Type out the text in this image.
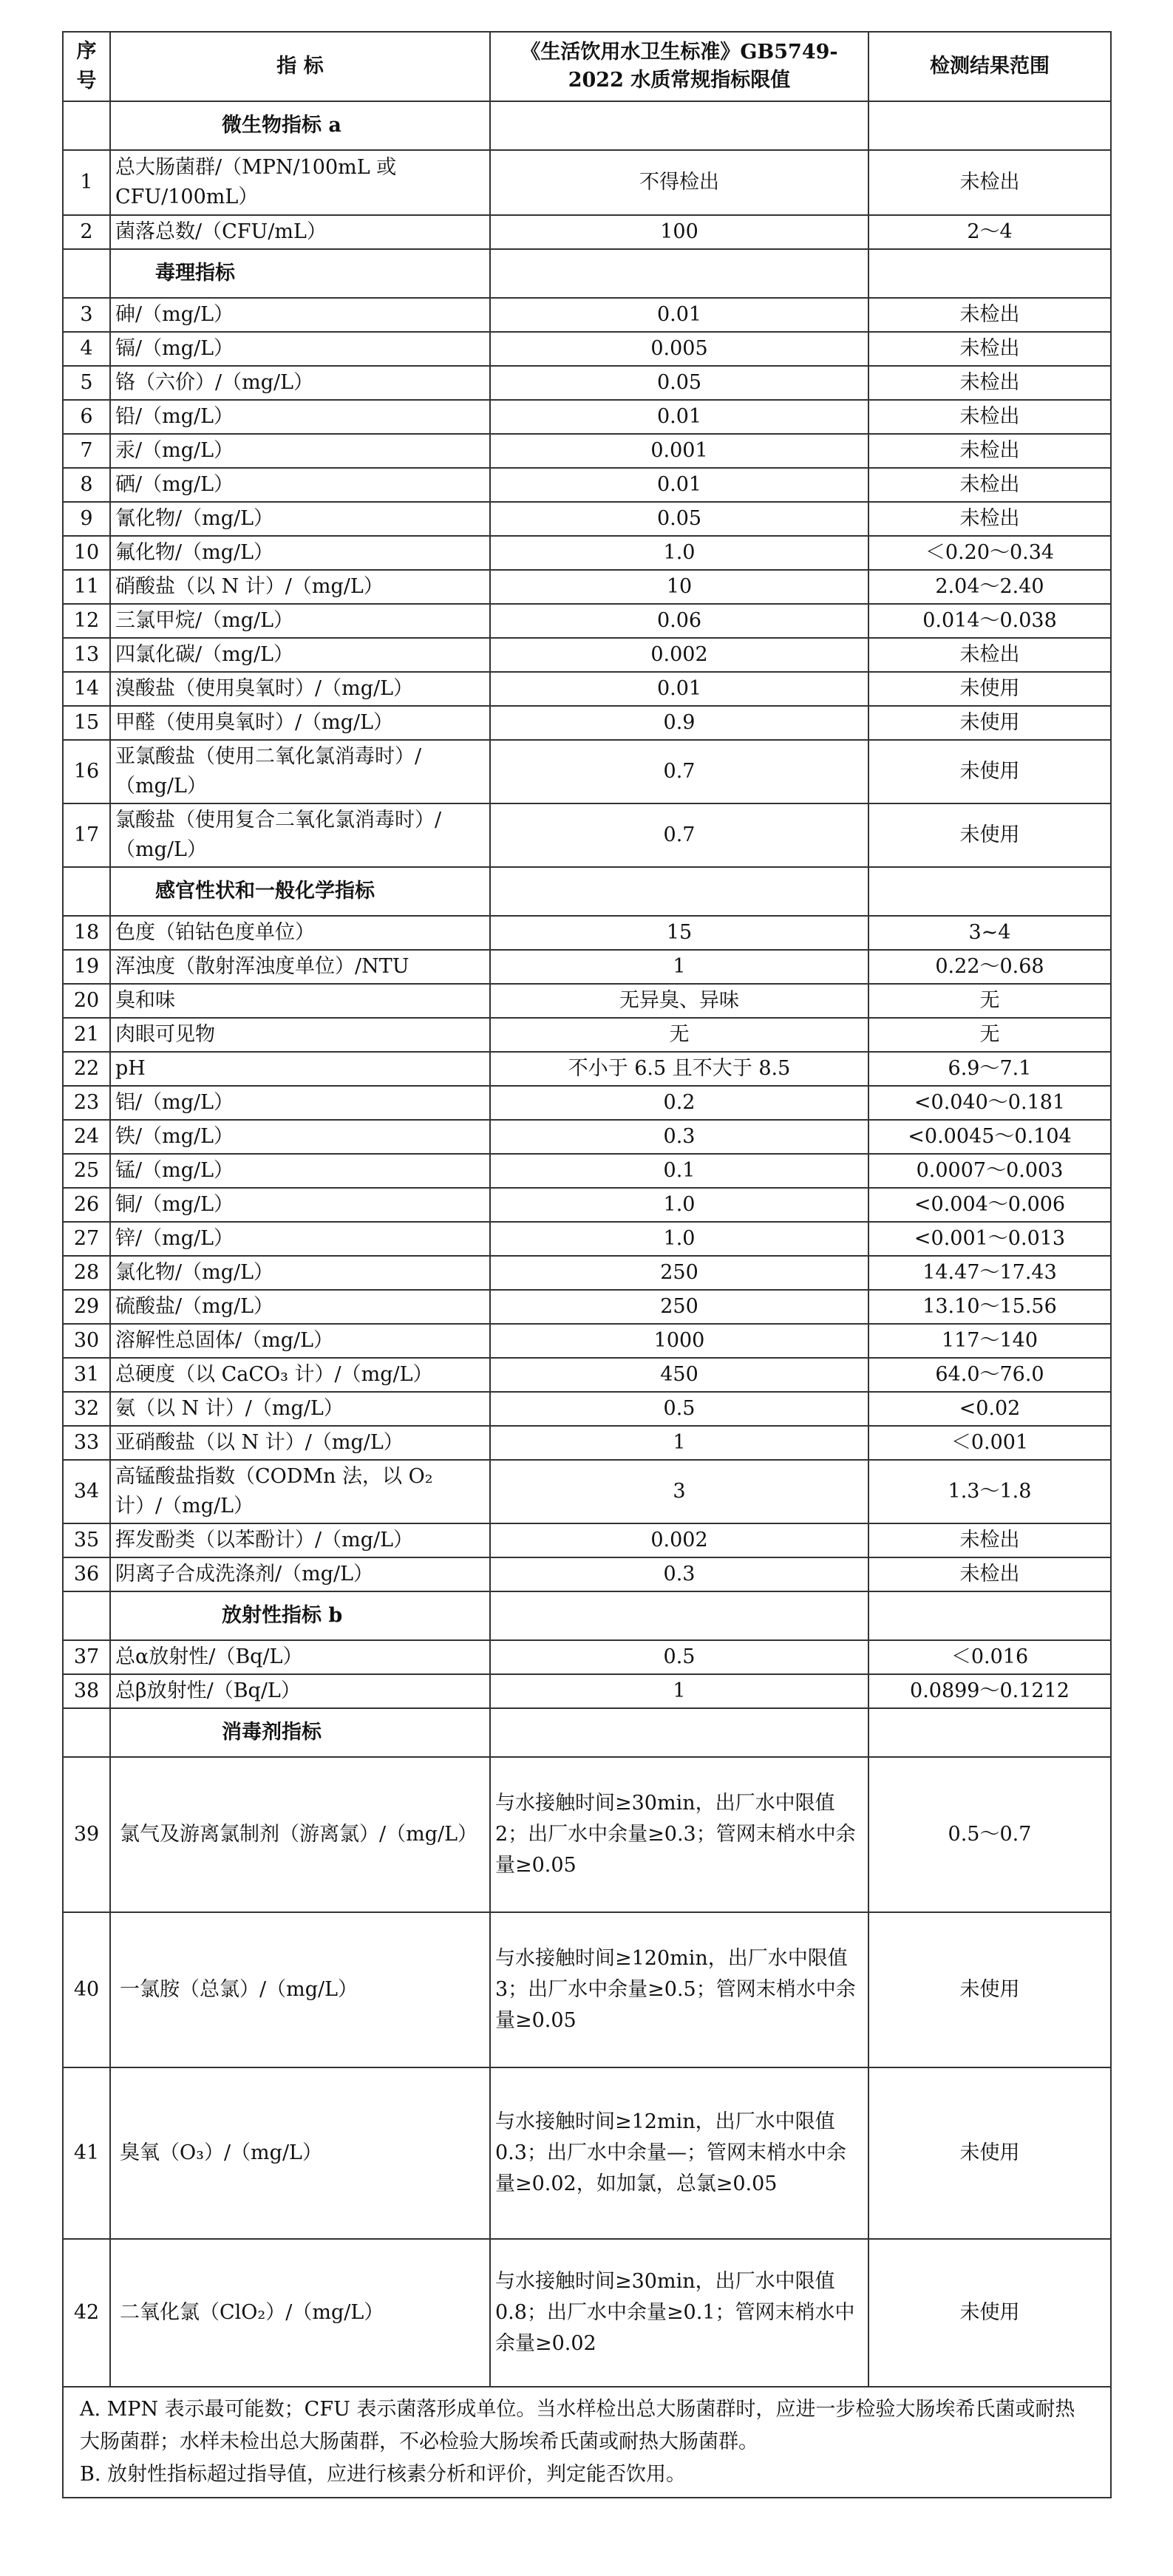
序号	指 标	《生活饮用水卫生标准》GB5749-2022 水质常规指标限值	检测结果范围
	微生物指标 a		
1	总大肠菌群/（MPN/100mL 或 CFU/100mL）	不得检出	未检出
2	菌落总数/（CFU/mL）	100	2～4
	毒理指标		
3	砷/（mg/L）	0.01	未检出
4	镉/（mg/L）	0.005	未检出
5	铬（六价）/（mg/L）	0.05	未检出
6	铅/（mg/L）	0.01	未检出
7	汞/（mg/L）	0.001	未检出
8	硒/（mg/L）	0.01	未检出
9	氰化物/（mg/L）	0.05	未检出
10	氟化物/（mg/L）	1.0	＜0.20～0.34
11	硝酸盐（以 N 计）/（mg/L）	10	2.04～2.40
12	三氯甲烷/（mg/L）	0.06	0.014～0.038
13	四氯化碳/（mg/L）	0.002	未检出
14	溴酸盐（使用臭氧时）/（mg/L）	0.01	未使用
15	甲醛（使用臭氧时）/（mg/L）	0.9	未使用
16	亚氯酸盐（使用二氧化氯消毒时）/（mg/L）	0.7	未使用
17	氯酸盐（使用复合二氧化氯消毒时）/（mg/L）	0.7	未使用
	感官性状和一般化学指标		
18	色度（铂钴色度单位）	15	3~4
19	浑浊度（散射浑浊度单位）/NTU	1	0.22～0.68
20	臭和味	无异臭、异味	无
21	肉眼可见物	无	无
22	pH	不小于 6.5 且不大于 8.5	6.9～7.1
23	铝/（mg/L）	0.2	<0.040～0.181
24	铁/（mg/L）	0.3	<0.0045～0.104
25	锰/（mg/L）	0.1	0.0007～0.003
26	铜/（mg/L）	1.0	<0.004～0.006
27	锌/（mg/L）	1.0	<0.001～0.013
28	氯化物/（mg/L）	250	14.47～17.43
29	硫酸盐/（mg/L）	250	13.10～15.56
30	溶解性总固体/（mg/L）	1000	117～140
31	总硬度（以 CaCO₃ 计）/（mg/L）	450	64.0～76.0
32	氨（以 N 计）/（mg/L）	0.5	<0.02
33	亚硝酸盐（以 N 计）/（mg/L）	1	＜0.001
34	高锰酸盐指数（CODMn 法，以 O₂ 计）/（mg/L）	3	1.3～1.8
35	挥发酚类（以苯酚计）/（mg/L）	0.002	未检出
36	阴离子合成洗涤剂/（mg/L）	0.3	未检出
	放射性指标 b		
37	总α放射性/（Bq/L）	0.5	＜0.016
38	总β放射性/（Bq/L）	1	0.0899～0.1212
	消毒剂指标		
39	氯气及游离氯制剂（游离氯）/（mg/L）	与水接触时间≥30min，出厂水中限值 2；出厂水中余量≥0.3；管网末梢水中余量≥0.05	0.5～0.7
40	一氯胺（总氯）/（mg/L）	与水接触时间≥120min，出厂水中限值 3；出厂水中余量≥0.5；管网末梢水中余量≥0.05	未使用
41	臭氧（O₃）/（mg/L）	与水接触时间≥12min，出厂水中限值 0.3；出厂水中余量—；管网末梢水中余量≥0.02，如加氯，总氯≥0.05	未使用
42	二氧化氯（ClO₂）/（mg/L）	与水接触时间≥30min，出厂水中限值 0.8；出厂水中余量≥0.1；管网末梢水中余量≥0.02	未使用

A. MPN 表示最可能数；CFU 表示菌落形成单位。当水样检出总大肠菌群时，应进一步检验大肠埃希氏菌或耐热大肠菌群；水样未检出总大肠菌群，不必检验大肠埃希氏菌或耐热大肠菌群。
B. 放射性指标超过指导值，应进行核素分析和评价，判定能否饮用。			
